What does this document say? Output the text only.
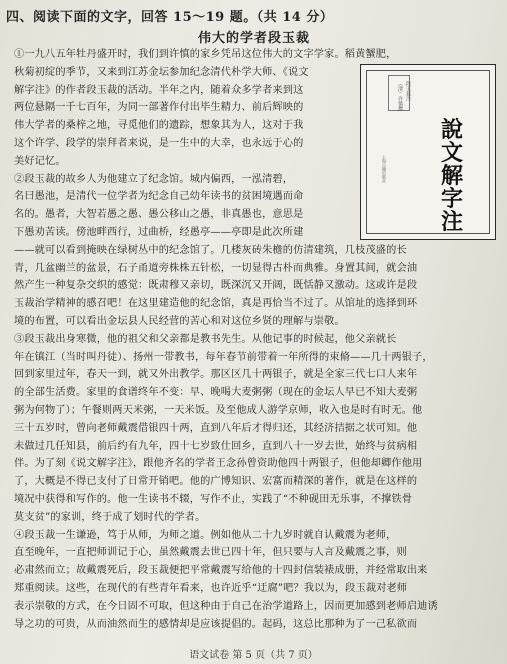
四、阅读下面的文字，回答 15～19 题。（共 14 分）
伟大的学者段玉裁
①一九八五年牡丹盛开时，我们到许慎的家乡凭吊这位伟大的文字学家。稻黄蟹肥，
秋菊初绽的季节，又来到江苏金坛参加纪念清代朴学大师、《说文
解字注》的作者段玉裁的活动。半年之内，随着众多学者来到这
两位悬隔一千七百年，为同一部著作付出毕生精力、前后辉映的
伟大学者的桑梓之地，寻觅他们的遗踪，想象其为人，这对于我
这个许学、段学的崇拜者来说，是一生中的大幸，也永远于心的
美好记忆。
②段玉裁的故乡人为他建立了纪念馆。城内偏西，一泓清碧，
名曰愚池，是清代一位学者为纪念自己幼年读书的贫困境遇而命
名的。愚者，大智若愚之愚、愚公移山之愚，非真愚也，意思是
下愚劝苦读。傍池畔西行，过曲桥，经愚亭——亭即是此次所建
——就可以看到掩映在绿树丛中的纪念馆了。几楼灰砖朱檐的仿清建筑，几枝茂盛的长
青，几盆幽兰的盆景，石子甬道旁株株五针松，一切显得古朴而典雅。身置其间，就会油
然产生一种复杂交织的感觉：既肃穆又亲切，既深沉又开阔，既恬静又激动。这或许是段
玉裁治学精神的感召吧！在这里建造他的纪念馆，真是再恰当不过了。从馆址的选择到环
境的布置，可以看出金坛县人民经营的苦心和对这位乡贤的理解与崇敬。
③段玉裁出身寒微，他的祖父和父亲都是教书先生。从他记事的时候起，他父亲就长
年在镇江（当时叫丹徒）、扬州一带教书，每年春节前带着一年所得的束脩——几十两银子，
回到家里过年，春天一到，就又外出教学。那区区几十两银子，就是全家三代七口人来年
的全部生活费。家里的食谱终年不变：早、晚喝大麦粥粥（现在的金坛人早已不知大麦粥
粥为何物了）；午餐则两天米粥，一天米饭。及至他成人游学京师，收入也是时有时无。他
三十五岁时，曾向老师戴震借银四十两，直到八年后才得归还，其经济拮据之状可知。他
未做过几任知县，前后约有九年，四十七岁致仕回乡，直到八十一岁去世，始终与贫病相
伴。为了刻《说文解字注》，跟他齐名的学者王念孙曾资助他四十两银子，但他却卿作他用
了，大概是不得已支付了日常开销吧。他的广博知识、宏富而精深的著作，就是在这样的
境况中获得和写作的。他一生读书不辍，写作不止，实践了“不种砚田无乐事，不撑铁骨
莫支贫”的家训，终于成了划时代的学者。
④段玉裁一生谦逊，笃于从师，为师之道。例如他从二十九岁时就自认戴震为老师，
直至晚年，一直把师训记于心，虽然戴震去世已四十年，但只要与人言及戴震之事，则
必肃然而立；故戴震死后，段玉裁便把平常戴震写给他的十四封信装裱成册，并经常取出来
郑重阅读。这些，在现代的有些青年看来，也许近乎“迂腐”吧？我以为，段玉裁对老师
表示崇敬的方式，在今日固不可取，但这种由于自己在治学道路上，因而更加感到老师启迪诱
导之功的可贵，从而油然而生的感情却是应该提倡的。起码，这总比那种为了一己私欲而
（清）许慎撰 段玉裁注
說文解字注
上海古籍出版社
语文试卷 第 5 页（共 7 页）
